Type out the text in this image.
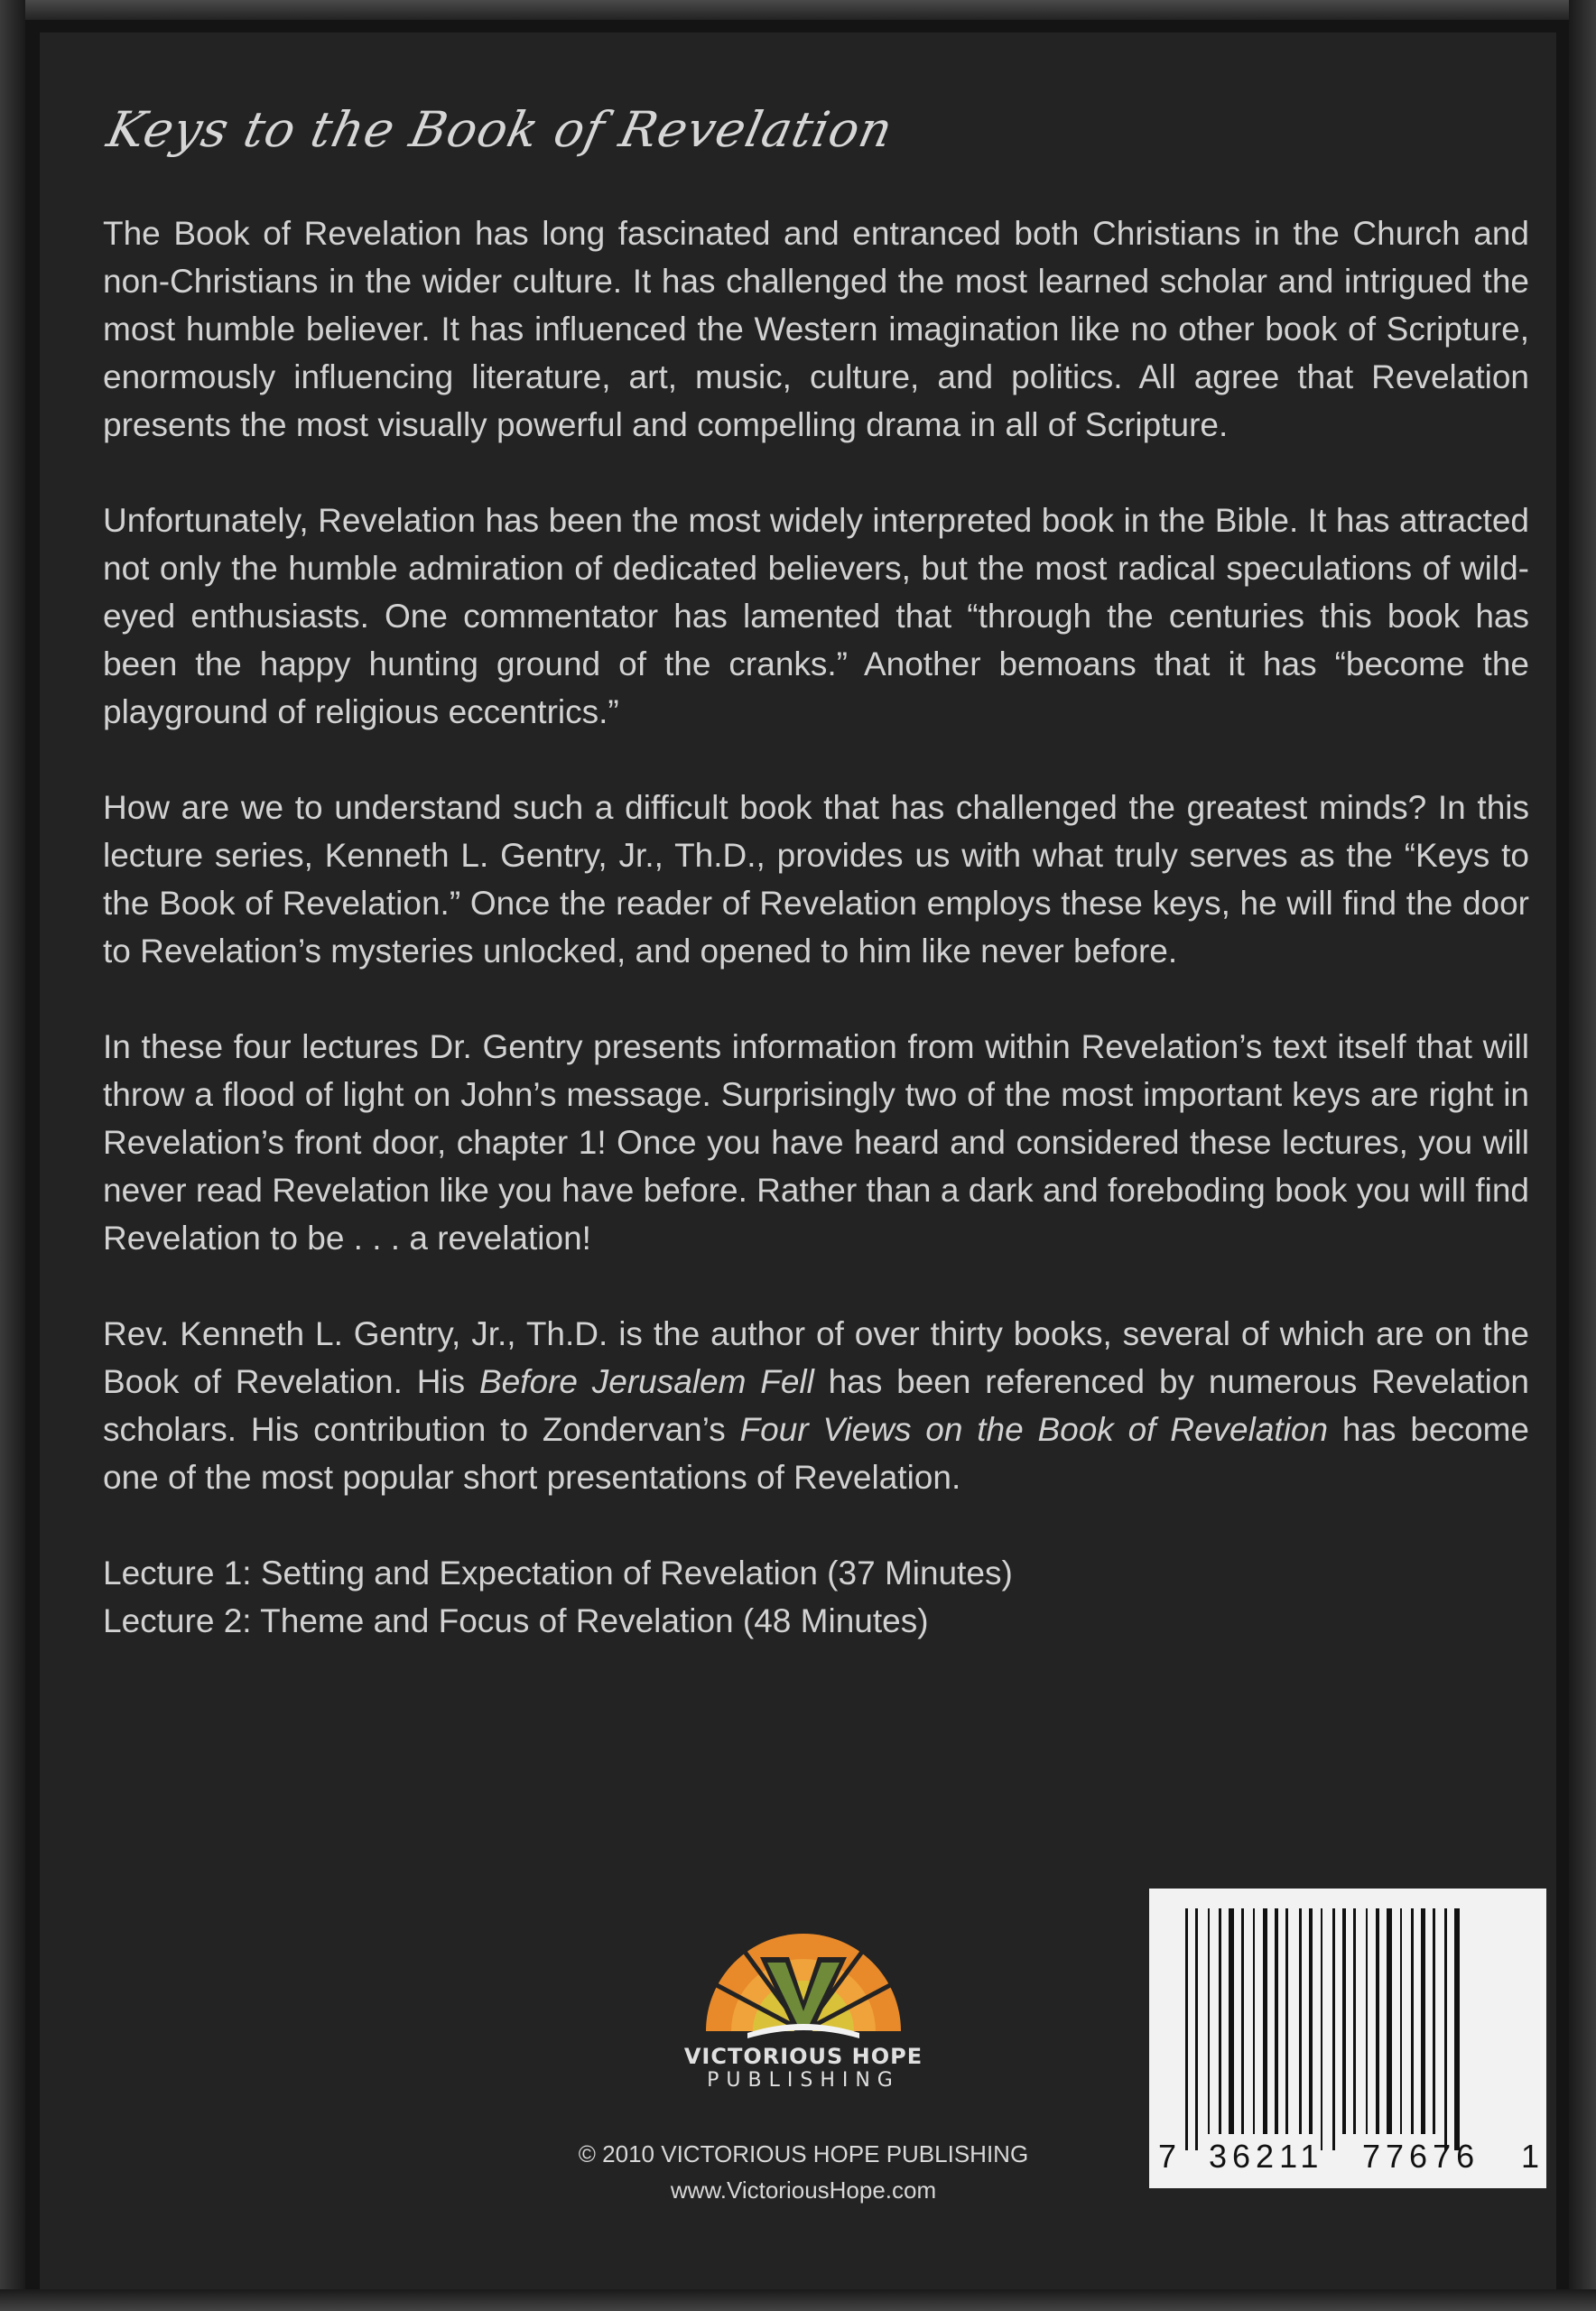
Keys to the Book of Revelation

The Book of Revelation has long fascinated and entranced both Christians in the Church and non-Christians in the wider culture. It has challenged the most learned scholar and intrigued the most humble believer. It has influenced the Western imagination like no other book of Scripture, enormously influencing literature, art, music, culture, and politics. All agree that Revelation presents the most visually powerful and compelling drama in all of Scripture.

Unfortunately, Revelation has been the most widely interpreted book in the Bible. It has attracted not only the humble admiration of dedicated believers, but the most radical speculations of wild-eyed enthusiasts. One commentator has lamented that “through the centuries this book has been the happy hunting ground of the cranks.” Another bemoans that it has “become the playground of religious eccentrics.”

How are we to understand such a difficult book that has challenged the greatest minds? In this lecture series, Kenneth L. Gentry, Jr., Th.D., provides us with what truly serves as the “Keys to the Book of Revelation.” Once the reader of Revelation employs these keys, he will find the door to Revelation’s mysteries unlocked, and opened to him like never before.

In these four lectures Dr. Gentry presents information from within Revelation’s text itself that will throw a flood of light on John’s message. Surprisingly two of the most important keys are right in Revelation’s front door, chapter 1! Once you have heard and considered these lectures, you will never read Revelation like you have before. Rather than a dark and foreboding book you will find Revelation to be . . . a revelation!

Rev. Kenneth L. Gentry, Jr., Th.D. is the author of over thirty books, several of which are on the Book of Revelation. His Before Jerusalem Fell has been referenced by numerous Revelation scholars. His contribution to Zondervan’s Four Views on the Book of Revelation has become one of the most popular short presentations of Revelation.

Lecture 1: Setting and Expectation of Revelation (37 Minutes)
Lecture 2: Theme and Focus of Revelation (48 Minutes)
VICTORIOUS HOPE
PUBLISHING
© 2010 VICTORIOUS HOPE PUBLISHING
www.VictoriousHope.com
7 36211 77676 1
